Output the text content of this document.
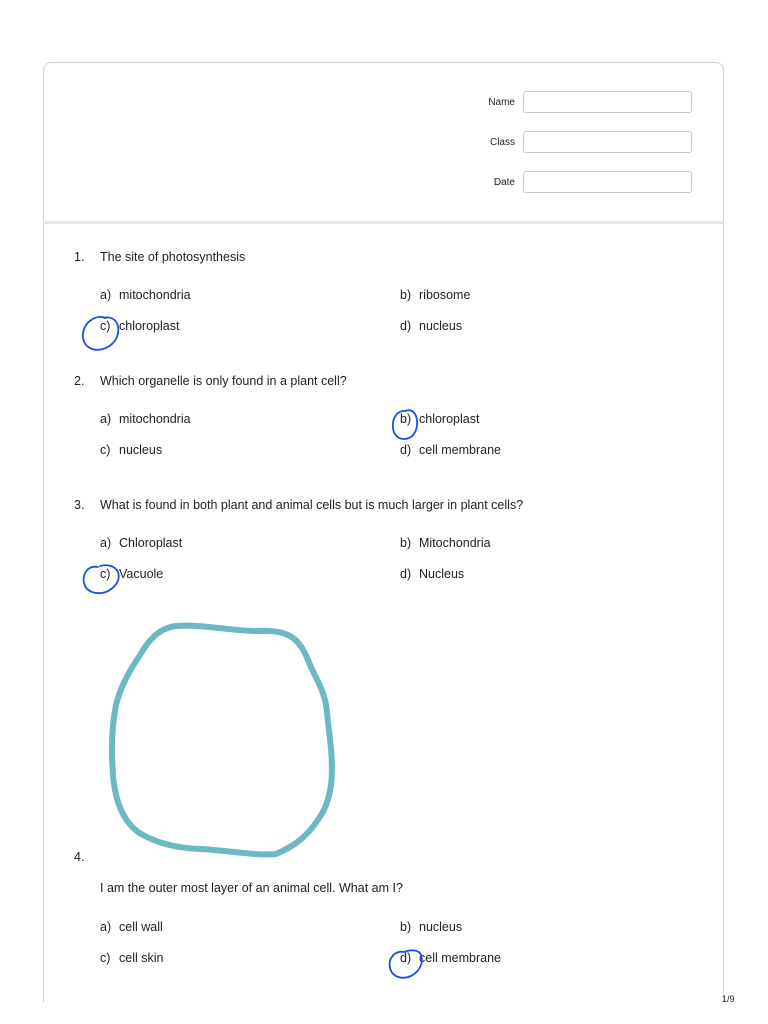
Name
Class
Date
1. The site of photosynthesis
a) mitochondria	b) ribosome
c) chloroplast	d) nucleus
2. Which organelle is only found in a plant cell?
a) mitochondria	b) chloroplast
c) nucleus	d) cell membrane
3. What is found in both plant and animal cells but is much larger in plant cells?
a) Chloroplast	b) Mitochondria
c) Vacuole	d) Nucleus
4.
I am the outer most layer of an animal cell. What am I?
a) cell wall	b) nucleus
c) cell skin	d) cell membrane
1/9
